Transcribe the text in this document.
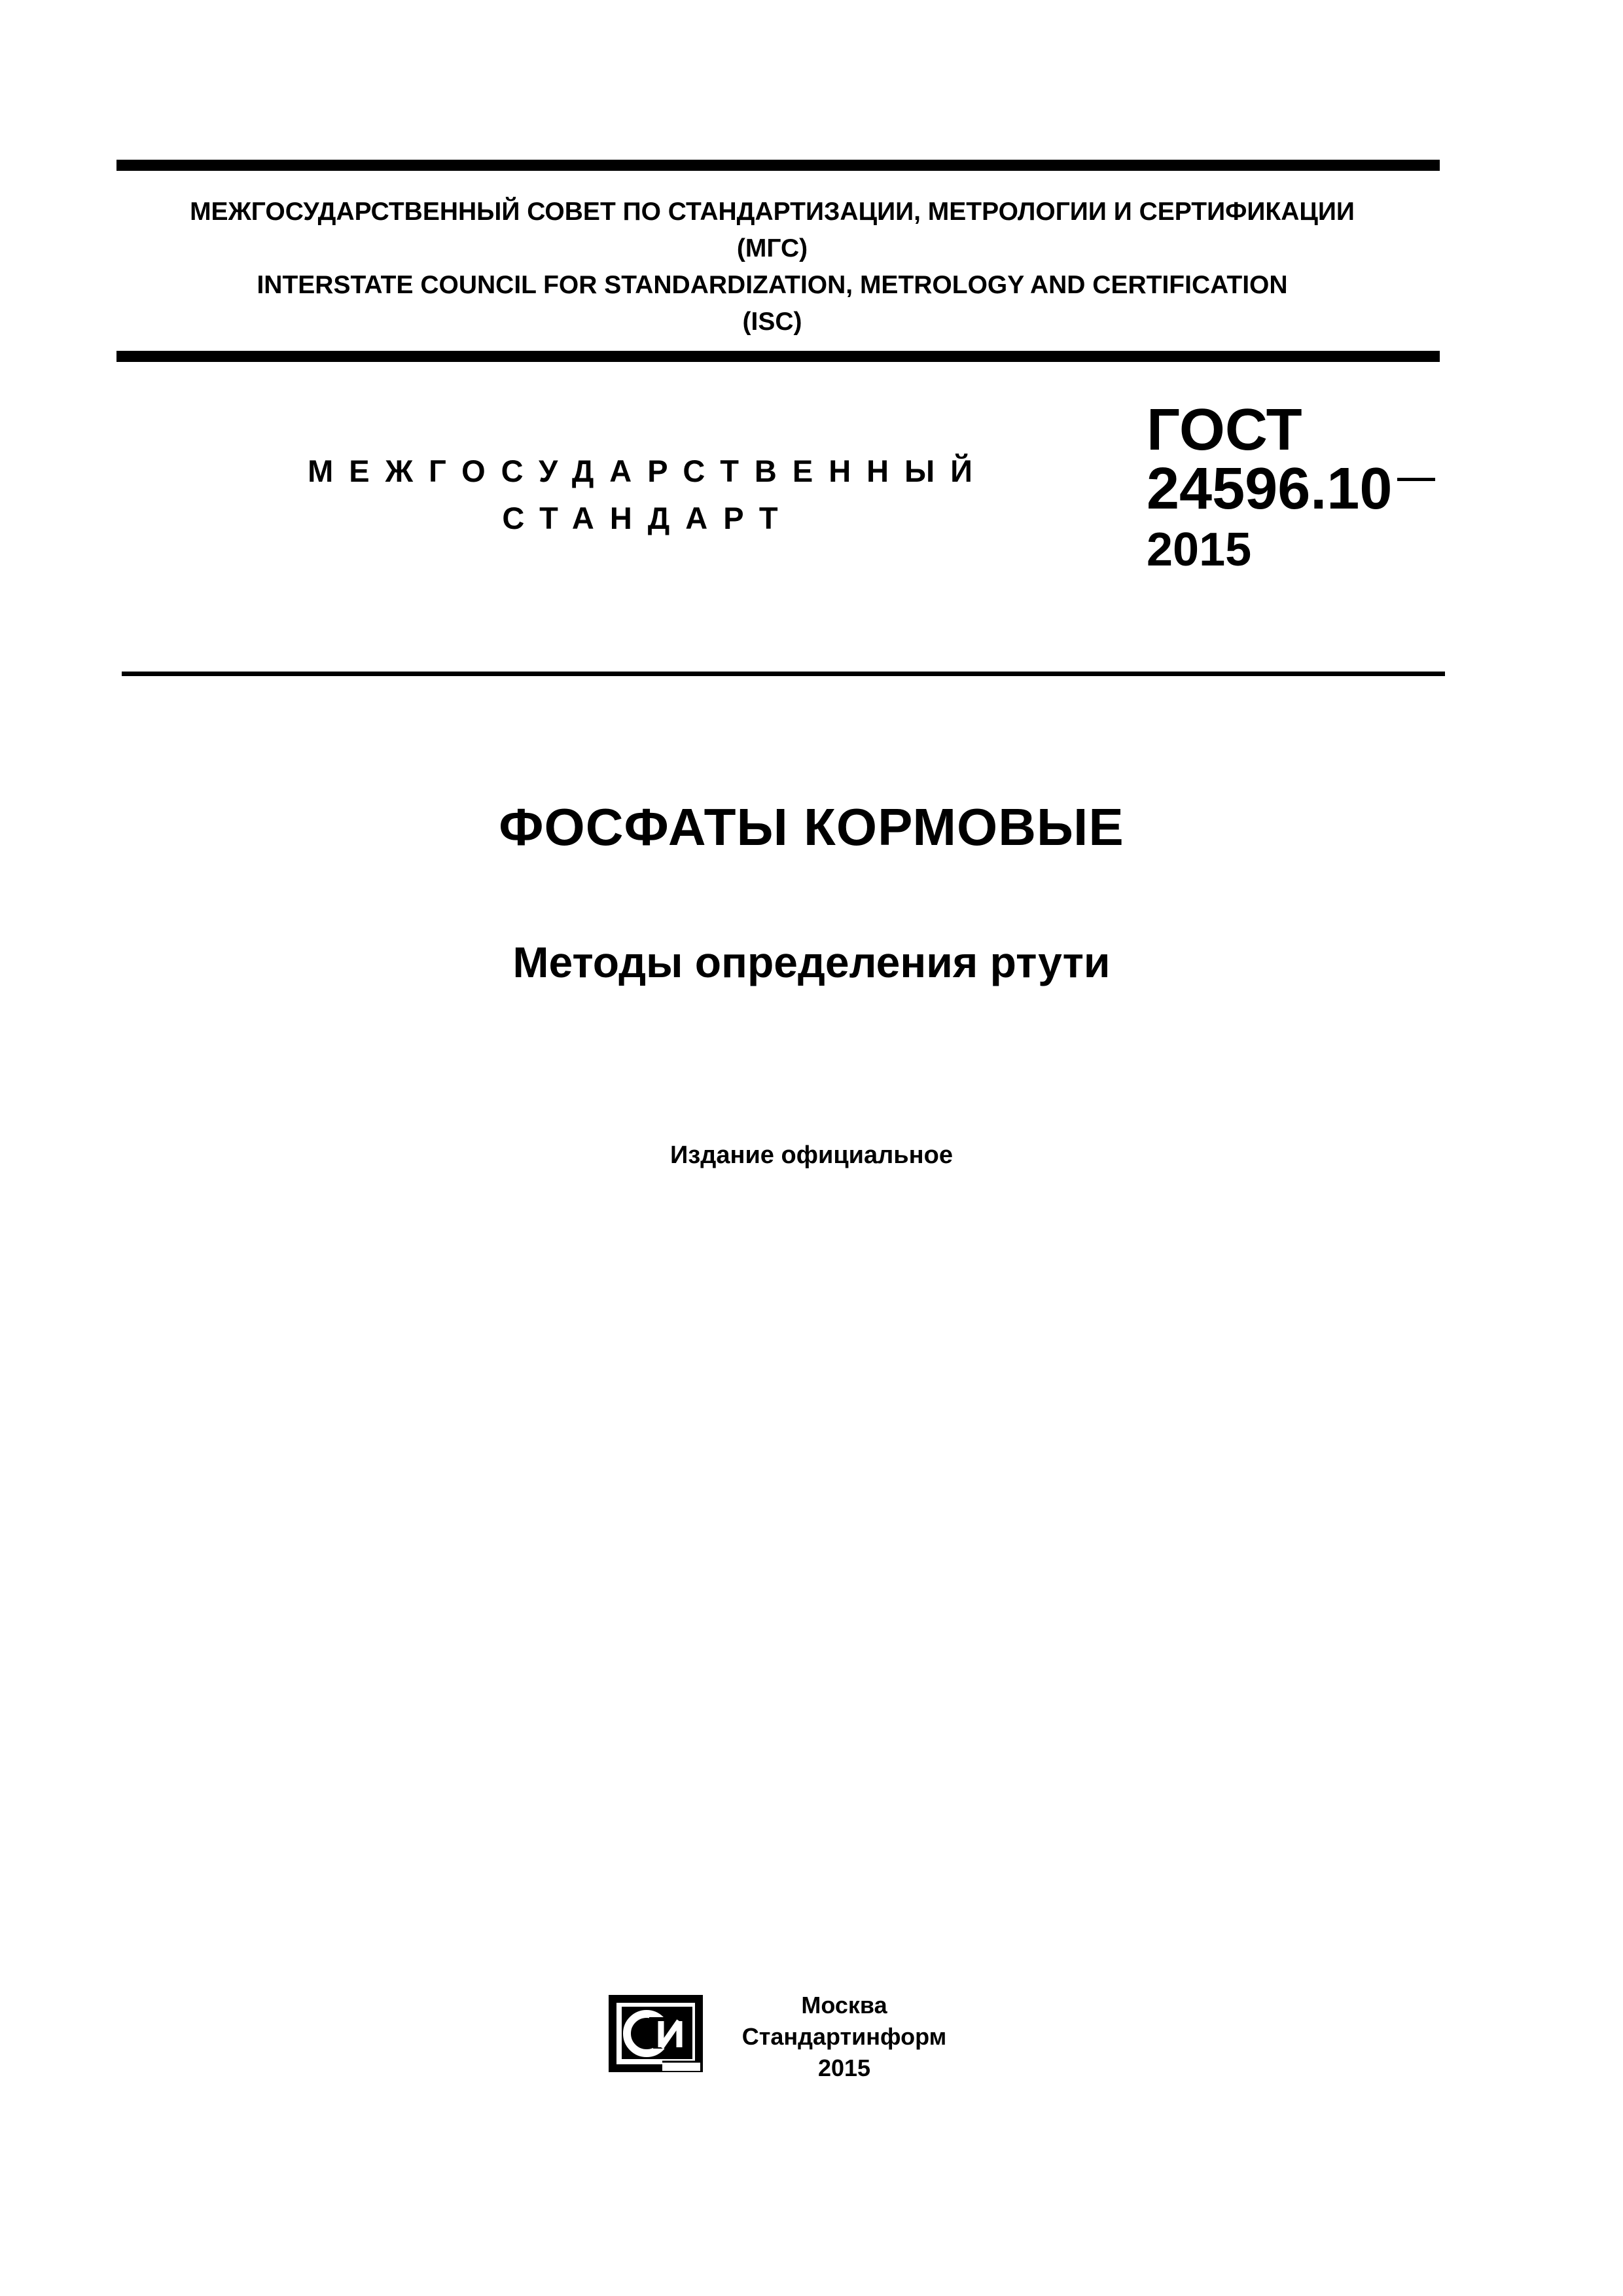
МЕЖГОСУДАРСТВЕННЫЙ СОВЕТ ПО СТАНДАРТИЗАЦИИ, МЕТРОЛОГИИ И СЕРТИФИКАЦИИ
(МГС)
INTERSTATE COUNCIL FOR STANDARDIZATION, METROLOGY AND CERTIFICATION
(ISC)
МЕЖГОСУДАРСТВЕННЫЙ
СТАНДАРТ
ГОСТ
24596.10
2015
ФОСФАТЫ КОРМОВЫЕ
Методы определения ртути
Издание официальное
Москва
Стандартинформ
2015
